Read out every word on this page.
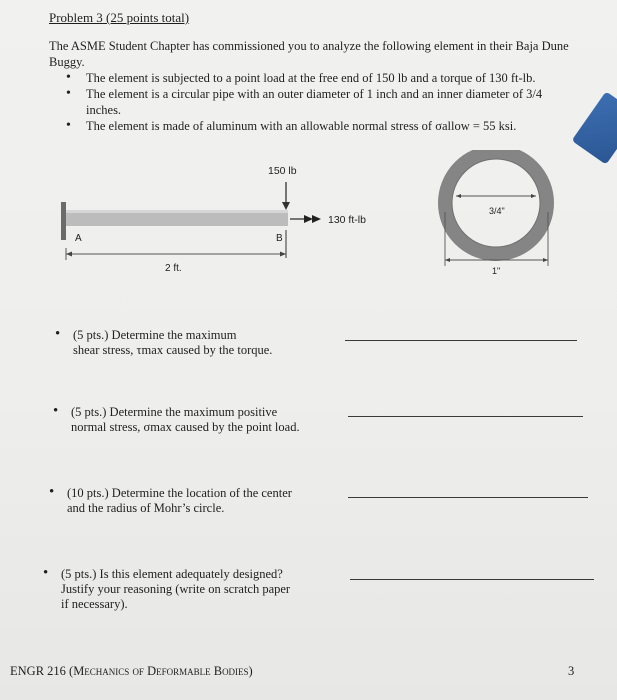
Problem 3 (25 points total)
The ASME Student Chapter has commissioned you to analyze the following element in their Baja Dune Buggy.
• The element is subjected to a point load at the free end of 150 lb and a torque of 130 ft-lb.
• The element is a circular pipe with an outer diameter of 1 inch and an inner diameter of 3/4 inches.
• The element is made of aluminum with an allowable normal stress of σallow = 55 ksi.
150 lb
130 ft-lb
A	B
2 ft.
3/4"
1"
• (5 pts.) Determine the maximum
shear stress, τmax caused by the torque.
• (5 pts.) Determine the maximum positive
normal stress, σmax caused by the point load.
• (10 pts.) Determine the location of the center
and the radius of Mohr’s circle.
• (5 pts.) Is this element adequately designed?
Justify your reasoning (write on scratch paper
if necessary).
ENGR 216 (Mechanics of Deformable Bodies)	3
